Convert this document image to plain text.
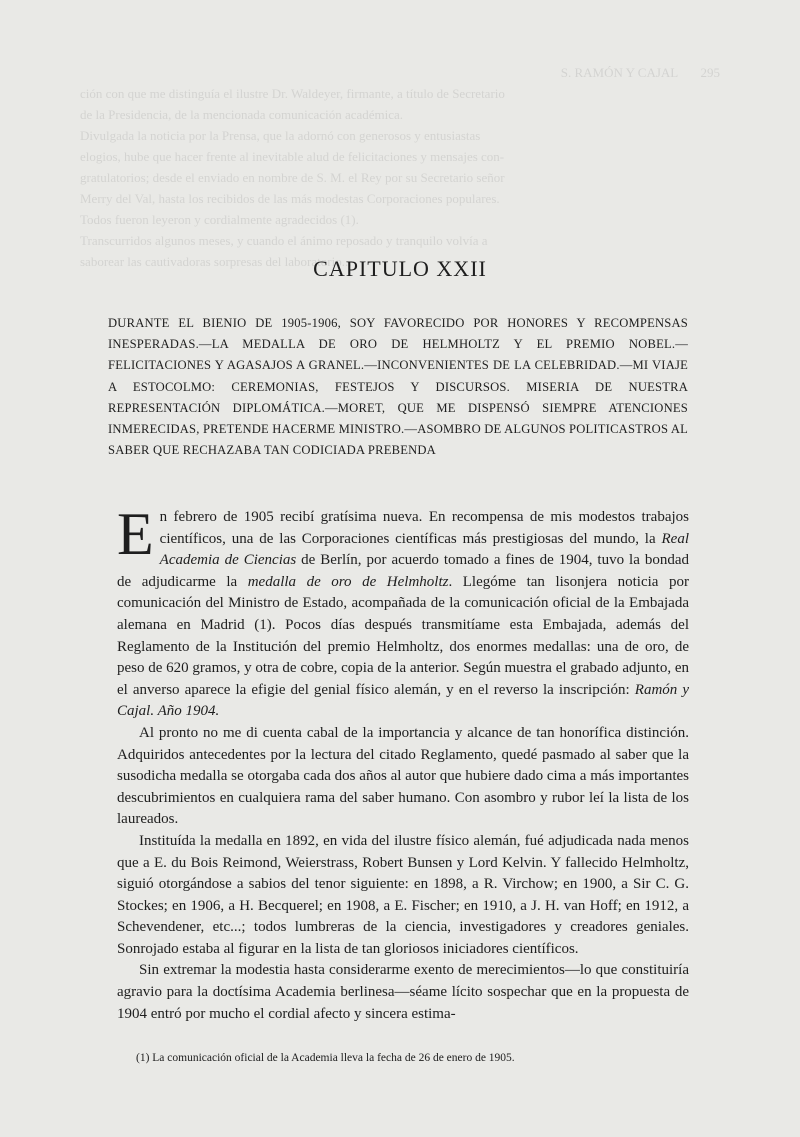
S. RAMÓN Y CAJAL       295
ción con que me distinguía el ilustre Dr. Waldeyer, firmante, a título de Secretario
de la Presidencia, de la mencionada comunicación académica.
Divulgada la noticia por la Prensa, que la adornó con generosos y entusiastas
elogios, hube que hacer frente al inevitable alud de felicitaciones y mensajes con-
gratulatorios; desde el enviado en nombre de S. M. el Rey por su Secretario señor
Merry del Val, hasta los recibidos de las más modestas Corporaciones populares.
Todos fueron leyeron y cordialmente agradecidos (1).
Transcurridos algunos meses, y cuando el ánimo reposado y tranquilo volvía a
saborear las cautivadoras sorpresas del laboratorio...
CAPITULO XXII

DURANTE EL BIENIO DE 1905-1906, SOY FAVORECIDO POR HONORES Y RECOMPENSAS INESPERADAS.—LA MEDALLA DE ORO DE HELMHOLTZ Y EL PREMIO NOBEL.—FELICITACIONES Y AGASAJOS A GRANEL.—INCONVENIENTES DE LA CELEBRIDAD.—MI VIAJE A ESTOCOLMO: CEREMONIAS, FESTEJOS Y DISCURSOS. MISERIA DE NUESTRA REPRESENTACIÓN DIPLOMÁTICA.—MORET, QUE ME DISPENSÓ SIEMPRE ATENCIONES INMERECIDAS, PRETENDE HACERME MINISTRO.—ASOMBRO DE ALGUNOS POLITICASTROS AL SABER QUE RECHAZABA TAN CODICIADA PREBENDA

En febrero de 1905 recibí gratísima nueva. En recompensa de mis modestos trabajos científicos, una de las Corporaciones científicas más prestigiosas del mundo, la Real Academia de Ciencias de Berlín, por acuerdo tomado a fines de 1904, tuvo la bondad de adjudicarme la medalla de oro de Helmholtz. Llegóme tan lisonjera noticia por comunicación del Ministro de Estado, acompañada de la comunicación oficial de la Embajada alemana en Madrid (1). Pocos días después transmitíame esta Embajada, además del Reglamento de la Institución del premio Helmholtz, dos enormes medallas: una de oro, de peso de 620 gramos, y otra de cobre, copia de la anterior. Según muestra el grabado adjunto, en el anverso aparece la efigie del genial físico alemán, y en el reverso la inscripción: Ramón y Cajal. Año 1904.

Al pronto no me di cuenta cabal de la importancia y alcance de tan honorífica distinción. Adquiridos antecedentes por la lectura del citado Reglamento, quedé pasmado al saber que la susodicha medalla se otorgaba cada dos años al autor que hubiere dado cima a más importantes descubrimientos en cualquiera rama del saber humano. Con asombro y rubor leí la lista de los laureados.

Instituída la medalla en 1892, en vida del ilustre físico alemán, fué adjudicada nada menos que a E. du Bois Reimond, Weierstrass, Robert Bunsen y Lord Kelvin. Y fallecido Helmholtz, siguió otorgándose a sabios del tenor siguiente: en 1898, a R. Virchow; en 1900, a Sir C. G. Stockes; en 1906, a H. Becquerel; en 1908, a E. Fischer; en 1910, a J. H. van Hoff; en 1912, a Schevendener, etc...; todos lumbreras de la ciencia, investigadores y creadores geniales. Sonrojado estaba al figurar en la lista de tan gloriosos iniciadores científicos.

Sin extremar la modestia hasta considerarme exento de merecimientos—lo que constituiría agravio para la doctísima Academia berlinesa—séame lícito sospechar que en la propuesta de 1904 entró por mucho el cordial afecto y sincera estima-

(1) La comunicación oficial de la Academia lleva la fecha de 26 de enero de 1905.
